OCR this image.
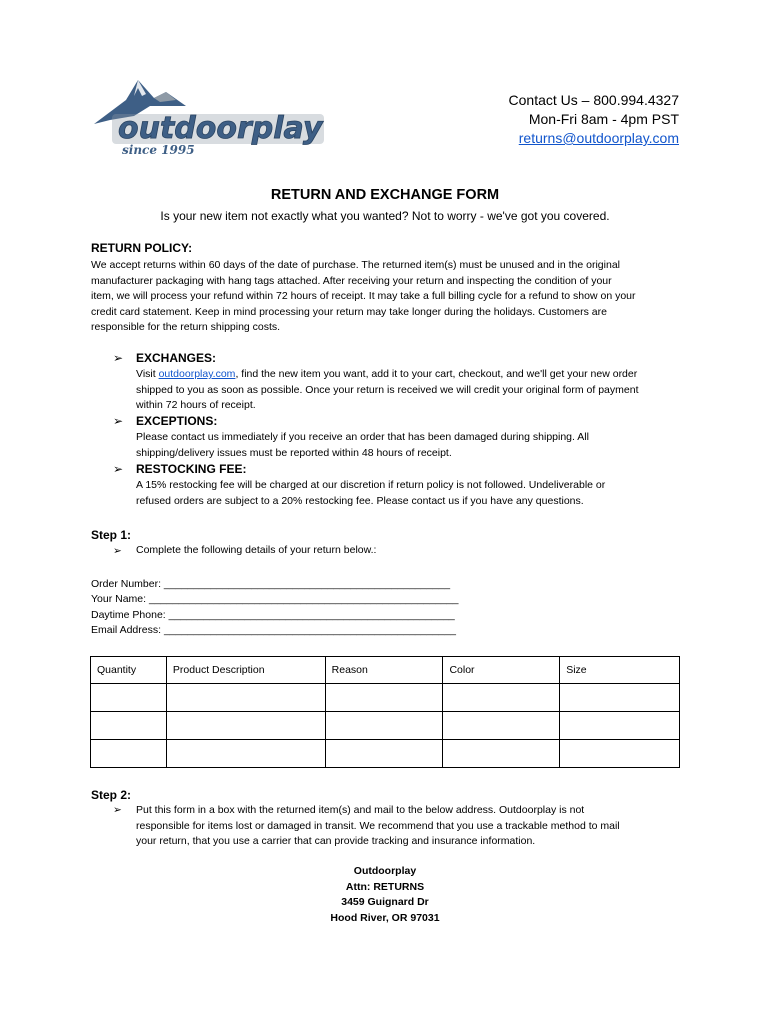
outdoorplay
since 1995
Contact Us – 800.994.4327
Mon-Fri 8am - 4pm PST
returns@outdoorplay.com
RETURN AND EXCHANGE FORM
Is your new item not exactly what you wanted? Not to worry - we've got you covered.
RETURN POLICY:
We accept returns within 60 days of the date of purchase. The returned item(s) must be unused and in the original
manufacturer packaging with hang tags attached. After receiving your return and inspecting the condition of your
item, we will process your refund within 72 hours of receipt. It may take a full billing cycle for a refund to show on your
credit card statement. Keep in mind processing your return may take longer during the holidays. Customers are
responsible for the return shipping costs.
➢ EXCHANGES:
Visit outdoorplay.com, find the new item you want, add it to your cart, checkout, and we'll get your new order
shipped to you as soon as possible. Once your return is received we will credit your original form of payment
within 72 hours of receipt.
➢ EXCEPTIONS:
Please contact us immediately if you receive an order that has been damaged during shipping. All
shipping/delivery issues must be reported within 48 hours of receipt.
➢ RESTOCKING FEE:
A 15% restocking fee will be charged at our discretion if return policy is not followed. Undeliverable or
refused orders are subject to a 20% restocking fee. Please contact us if you have any questions.
Step 1:
➢ Complete the following details of your return below.:
Order Number: _________________________________________________
Your Name: _____________________________________________________
Daytime Phone: _________________________________________________
Email Address: __________________________________________________
Quantity	Product Description	Reason	Color	Size

Step 2:
➢ Put this form in a box with the returned item(s) and mail to the below address. Outdoorplay is not
responsible for items lost or damaged in transit. We recommend that you use a trackable method to mail
your return, that you use a carrier that can provide tracking and insurance information.
Outdoorplay
Attn: RETURNS
3459 Guignard Dr
Hood River, OR 97031
